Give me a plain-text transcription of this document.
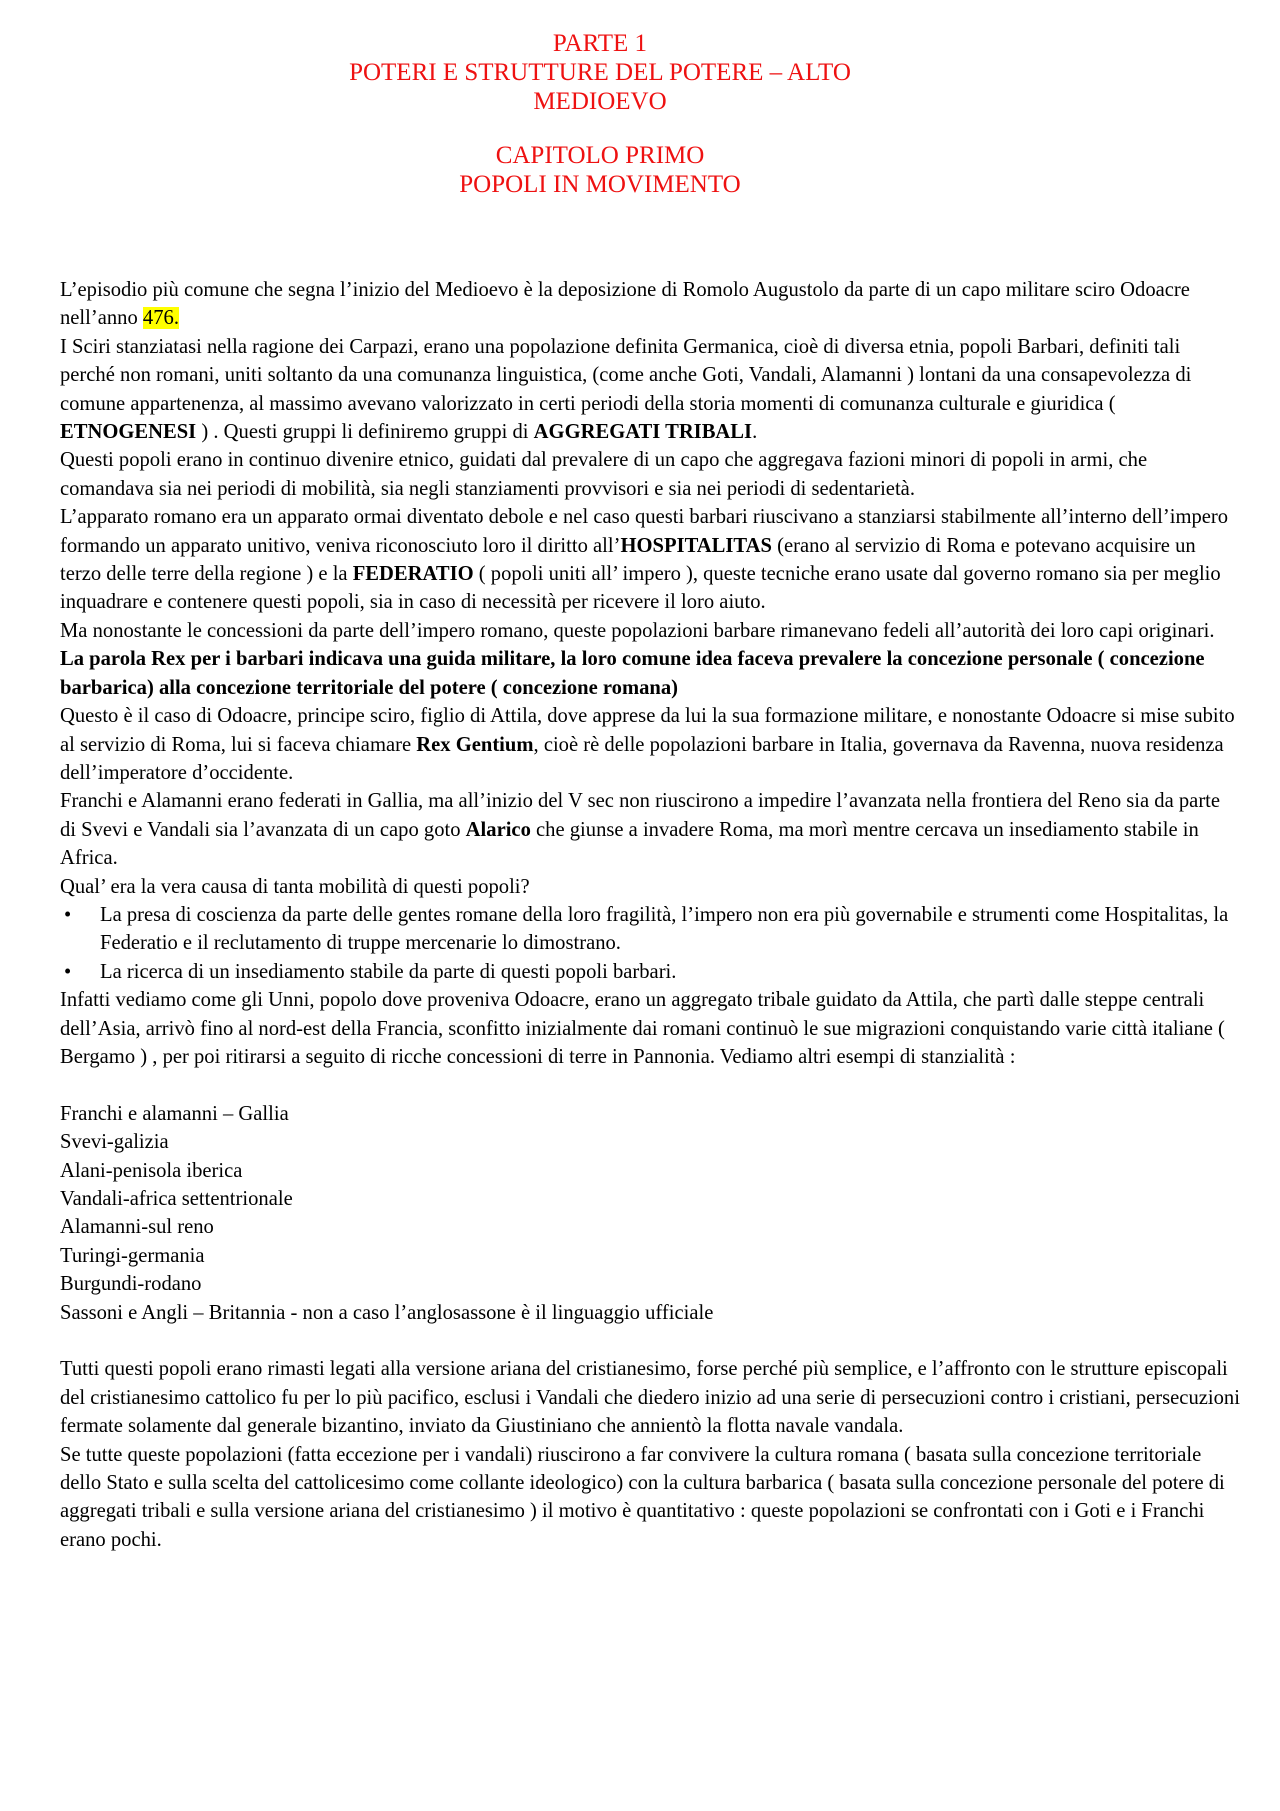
PARTE 1
POTERI E STRUTTURE DEL POTERE – ALTO
MEDIOEVO
CAPITOLO PRIMO
POPOLI IN MOVIMENTO

L’episodio più comune che segna l’inizio del Medioevo è la deposizione di Romolo Augustolo da parte di un capo militare sciro Odoacre nell’anno 476.

I Sciri stanziatasi nella ragione dei Carpazi, erano una popolazione definita Germanica, cioè di diversa etnia, popoli Barbari, definiti tali perché non romani, uniti soltanto da una comunanza linguistica, (come anche Goti, Vandali, Alamanni ) lontani da una consapevolezza di comune appartenenza, al massimo avevano valorizzato in certi periodi della storia momenti di comunanza culturale e giuridica ( ETNOGENESI ) . Questi gruppi li definiremo gruppi di AGGREGATI TRIBALI.

Questi popoli erano in continuo divenire etnico, guidati dal prevalere di un capo che aggregava fazioni minori di popoli in armi, che comandava sia nei periodi di mobilità, sia negli stanziamenti provvisori e sia nei periodi di sedentarietà.

L’apparato romano era un apparato ormai diventato debole e nel caso questi barbari riuscivano a stanziarsi stabilmente all’interno dell’impero formando un apparato unitivo, veniva riconosciuto loro il diritto all’HOSPITALITAS (erano al servizio di Roma e potevano acquisire un terzo delle terre della regione ) e la FEDERATIO ( popoli uniti all’ impero ), queste tecniche erano usate dal governo romano sia per meglio inquadrare e contenere questi popoli, sia in caso di necessità per ricevere il loro aiuto.

Ma nonostante le concessioni da parte dell’impero romano, queste popolazioni barbare rimanevano fedeli all’autorità dei loro capi originari. La parola Rex per i barbari indicava una guida militare, la loro comune idea faceva prevalere la concezione personale ( concezione barbarica) alla concezione territoriale del potere ( concezione romana)

Questo è il caso di Odoacre, principe sciro, figlio di Attila, dove apprese da lui la sua formazione militare, e nonostante Odoacre si mise subito al servizio di Roma, lui si faceva chiamare Rex Gentium, cioè rè delle popolazioni barbare in Italia, governava da Ravenna, nuova residenza dell’imperatore d’occidente.

Franchi e Alamanni erano federati in Gallia, ma all’inizio del V sec non riuscirono a impedire l’avanzata nella frontiera del Reno sia da parte di Svevi e Vandali sia l’avanzata di un capo goto Alarico che giunse a invadere Roma, ma morì mentre cercava un insediamento stabile in Africa.

Qual’ era la vera causa di tanta mobilità di questi popoli?

• La presa di coscienza da parte delle gentes romane della loro fragilità, l’impero non era più governabile e strumenti come Hospitalitas, la Federatio e il reclutamento di truppe mercenarie lo dimostrano.

• La ricerca di un insediamento stabile da parte di questi popoli barbari.

Infatti vediamo come gli Unni, popolo dove proveniva Odoacre, erano un aggregato tribale guidato da Attila, che partì dalle steppe centrali dell’Asia, arrivò fino al nord-est della Francia, sconfitto inizialmente dai romani continuò le sue migrazioni conquistando varie città italiane ( Bergamo ) , per poi ritirarsi a seguito di ricche concessioni di terre in Pannonia. Vediamo altri esempi di stanzialità :

Franchi e alamanni – Gallia

Svevi-galizia

Alani-penisola iberica

Vandali-africa settentrionale

Alamanni-sul reno

Turingi-germania

Burgundi-rodano

Sassoni e Angli – Britannia - non a caso l’anglosassone è il linguaggio ufficiale

Tutti questi popoli erano rimasti legati alla versione ariana del cristianesimo, forse perché più semplice, e l’affronto con le strutture episcopali del cristianesimo cattolico fu per lo più pacifico, esclusi i Vandali che diedero inizio ad una serie di persecuzioni contro i cristiani, persecuzioni fermate solamente dal generale bizantino, inviato da Giustiniano che annientò la flotta navale vandala.

Se tutte queste popolazioni (fatta eccezione per i vandali) riuscirono a far convivere la cultura romana ( basata sulla concezione territoriale dello Stato e sulla scelta del cattolicesimo come collante ideologico) con la cultura barbarica ( basata sulla concezione personale del potere di aggregati tribali e sulla versione ariana del cristianesimo ) il motivo è quantitativo : queste popolazioni se confrontati con i Goti e i Franchi erano pochi.
